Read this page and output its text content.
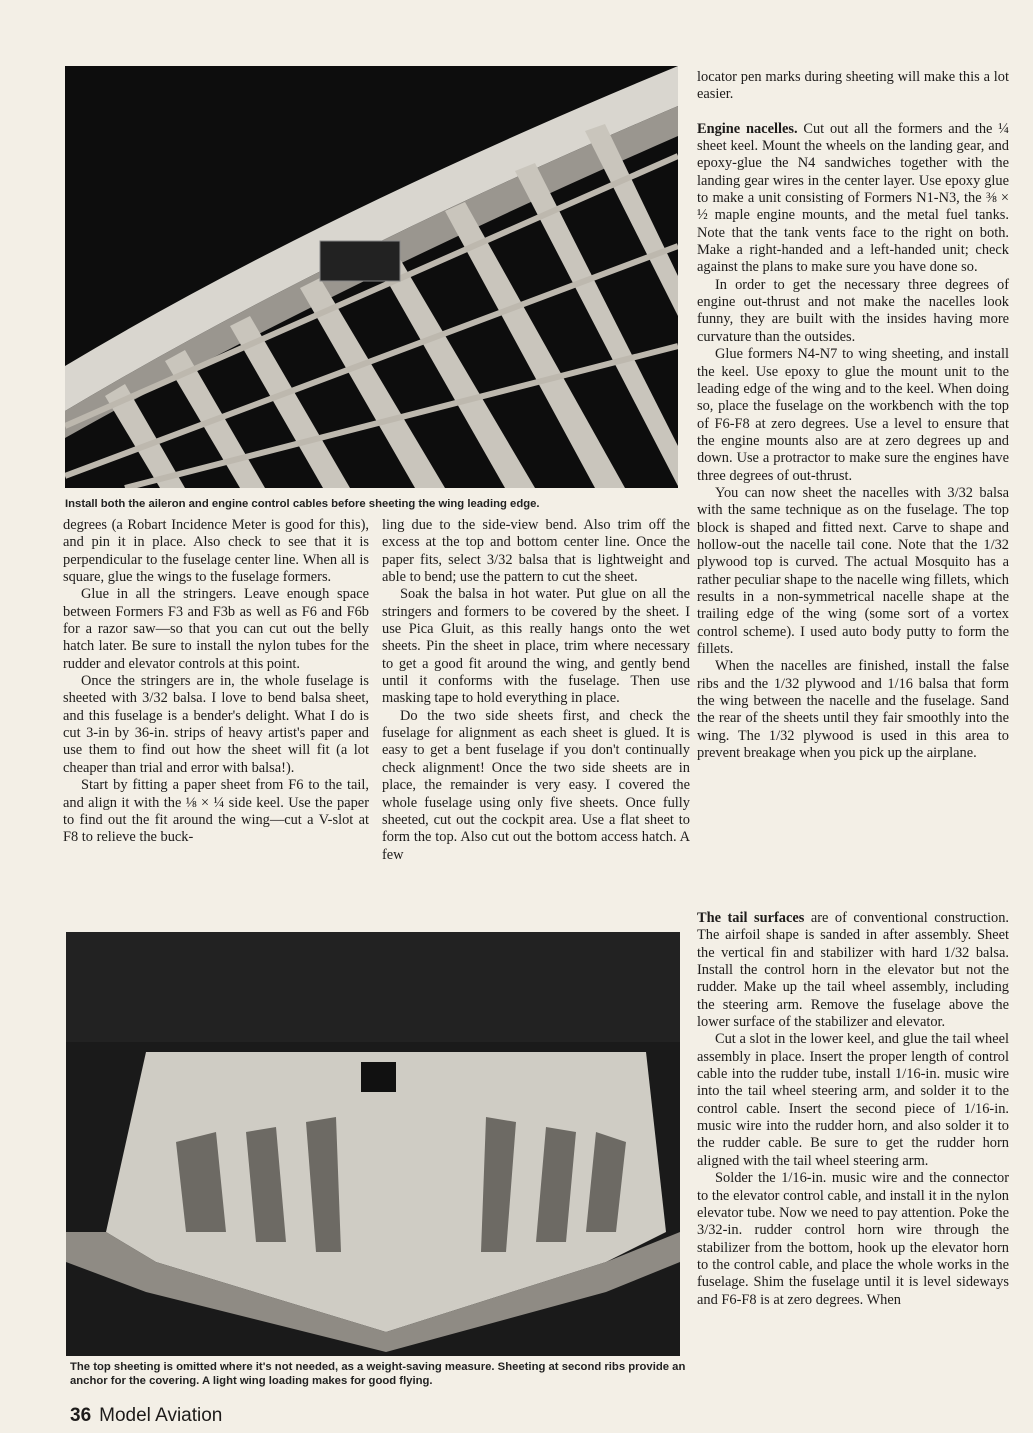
Install both the aileron and engine control cables before sheeting the wing leading edge.

degrees (a Robart Incidence Meter is good for this), and pin it in place. Also check to see that it is perpendicular to the fuselage center line. When all is square, glue the wings to the fuselage formers.

Glue in all the stringers. Leave enough space between Formers F3 and F3b as well as F6 and F6b for a razor saw—so that you can cut out the belly hatch later. Be sure to install the nylon tubes for the rudder and elevator controls at this point.

Once the stringers are in, the whole fuselage is sheeted with 3/32 balsa. I love to bend balsa sheet, and this fuselage is a bender's delight. What I do is cut 3-in by 36-in. strips of heavy artist's paper and use them to find out how the sheet will fit (a lot cheaper than trial and error with balsa!).

Start by fitting a paper sheet from F6 to the tail, and align it with the ⅛ × ¼ side keel. Use the paper to find out the fit around the wing—cut a V-slot at F8 to relieve the buck-

ling due to the side-view bend. Also trim off the excess at the top and bottom center line. Once the paper fits, select 3/32 balsa that is lightweight and able to bend; use the pattern to cut the sheet.

Soak the balsa in hot water. Put glue on all the stringers and formers to be covered by the sheet. I use Pica Gluit, as this really hangs onto the wet sheets. Pin the sheet in place, trim where necessary to get a good fit around the wing, and gently bend until it conforms with the fuselage. Then use masking tape to hold everything in place.

Do the two side sheets first, and check the fuselage for alignment as each sheet is glued. It is easy to get a bent fuselage if you don't continually check alignment! Once the two side sheets are in place, the remainder is very easy. I covered the whole fuselage using only five sheets. Once fully sheeted, cut out the cockpit area. Use a flat sheet to form the top. Also cut out the bottom access hatch. A few

locator pen marks during sheeting will make this a lot easier.

Engine nacelles. Cut out all the formers and the ¼ sheet keel. Mount the wheels on the landing gear, and epoxy-glue the N4 sandwiches together with the landing gear wires in the center layer. Use epoxy glue to make a unit consisting of Formers N1-N3, the ⅜ × ½ maple engine mounts, and the metal fuel tanks. Note that the tank vents face to the right on both. Make a right-handed and a left-handed unit; check against the plans to make sure you have done so.

In order to get the necessary three degrees of engine out-thrust and not make the nacelles look funny, they are built with the insides having more curvature than the outsides.

Glue formers N4-N7 to wing sheeting, and install the keel. Use epoxy to glue the mount unit to the leading edge of the wing and to the keel. When doing so, place the fuselage on the workbench with the top of F6-F8 at zero degrees. Use a level to ensure that the engine mounts also are at zero degrees up and down. Use a protractor to make sure the engines have three degrees of out-thrust.

You can now sheet the nacelles with 3/32 balsa with the same technique as on the fuselage. The top block is shaped and fitted next. Carve to shape and hollow-out the nacelle tail cone. Note that the 1/32 plywood top is curved. The actual Mosquito has a rather peculiar shape to the nacelle wing fillets, which results in a non-symmetrical nacelle shape at the trailing edge of the wing (some sort of a vortex control scheme). I used auto body putty to form the fillets.

When the nacelles are finished, install the false ribs and the 1/32 plywood and 1/16 balsa that form the wing between the nacelle and the fuselage. Sand the rear of the sheets until they fair smoothly into the wing. The 1/32 plywood is used in this area to prevent breakage when you pick up the airplane.

The tail surfaces are of conventional construction. The airfoil shape is sanded in after assembly. Sheet the vertical fin and stabilizer with hard 1/32 balsa. Install the control horn in the elevator but not the rudder. Make up the tail wheel assembly, including the steering arm. Remove the fuselage above the lower surface of the stabilizer and elevator.

Cut a slot in the lower keel, and glue the tail wheel assembly in place. Insert the proper length of control cable into the rudder tube, install 1/16-in. music wire into the tail wheel steering arm, and solder it to the control cable. Insert the second piece of 1/16-in. music wire into the rudder horn, and also solder it to the rudder cable. Be sure to get the rudder horn aligned with the tail wheel steering arm.

Solder the 1/16-in. music wire and the connector to the elevator control cable, and install it in the nylon elevator tube. Now we need to pay attention. Poke the 3/32-in. rudder control horn wire through the stabilizer from the bottom, hook up the elevator horn to the control cable, and place the whole works in the fuselage. Shim the fuselage until it is level sideways and F6-F8 is at zero degrees. When

The top sheeting is omitted where it's not needed, as a weight-saving measure. Sheeting at second ribs provide an anchor for the covering. A light wing loading makes for good flying.
36 Model Aviation
